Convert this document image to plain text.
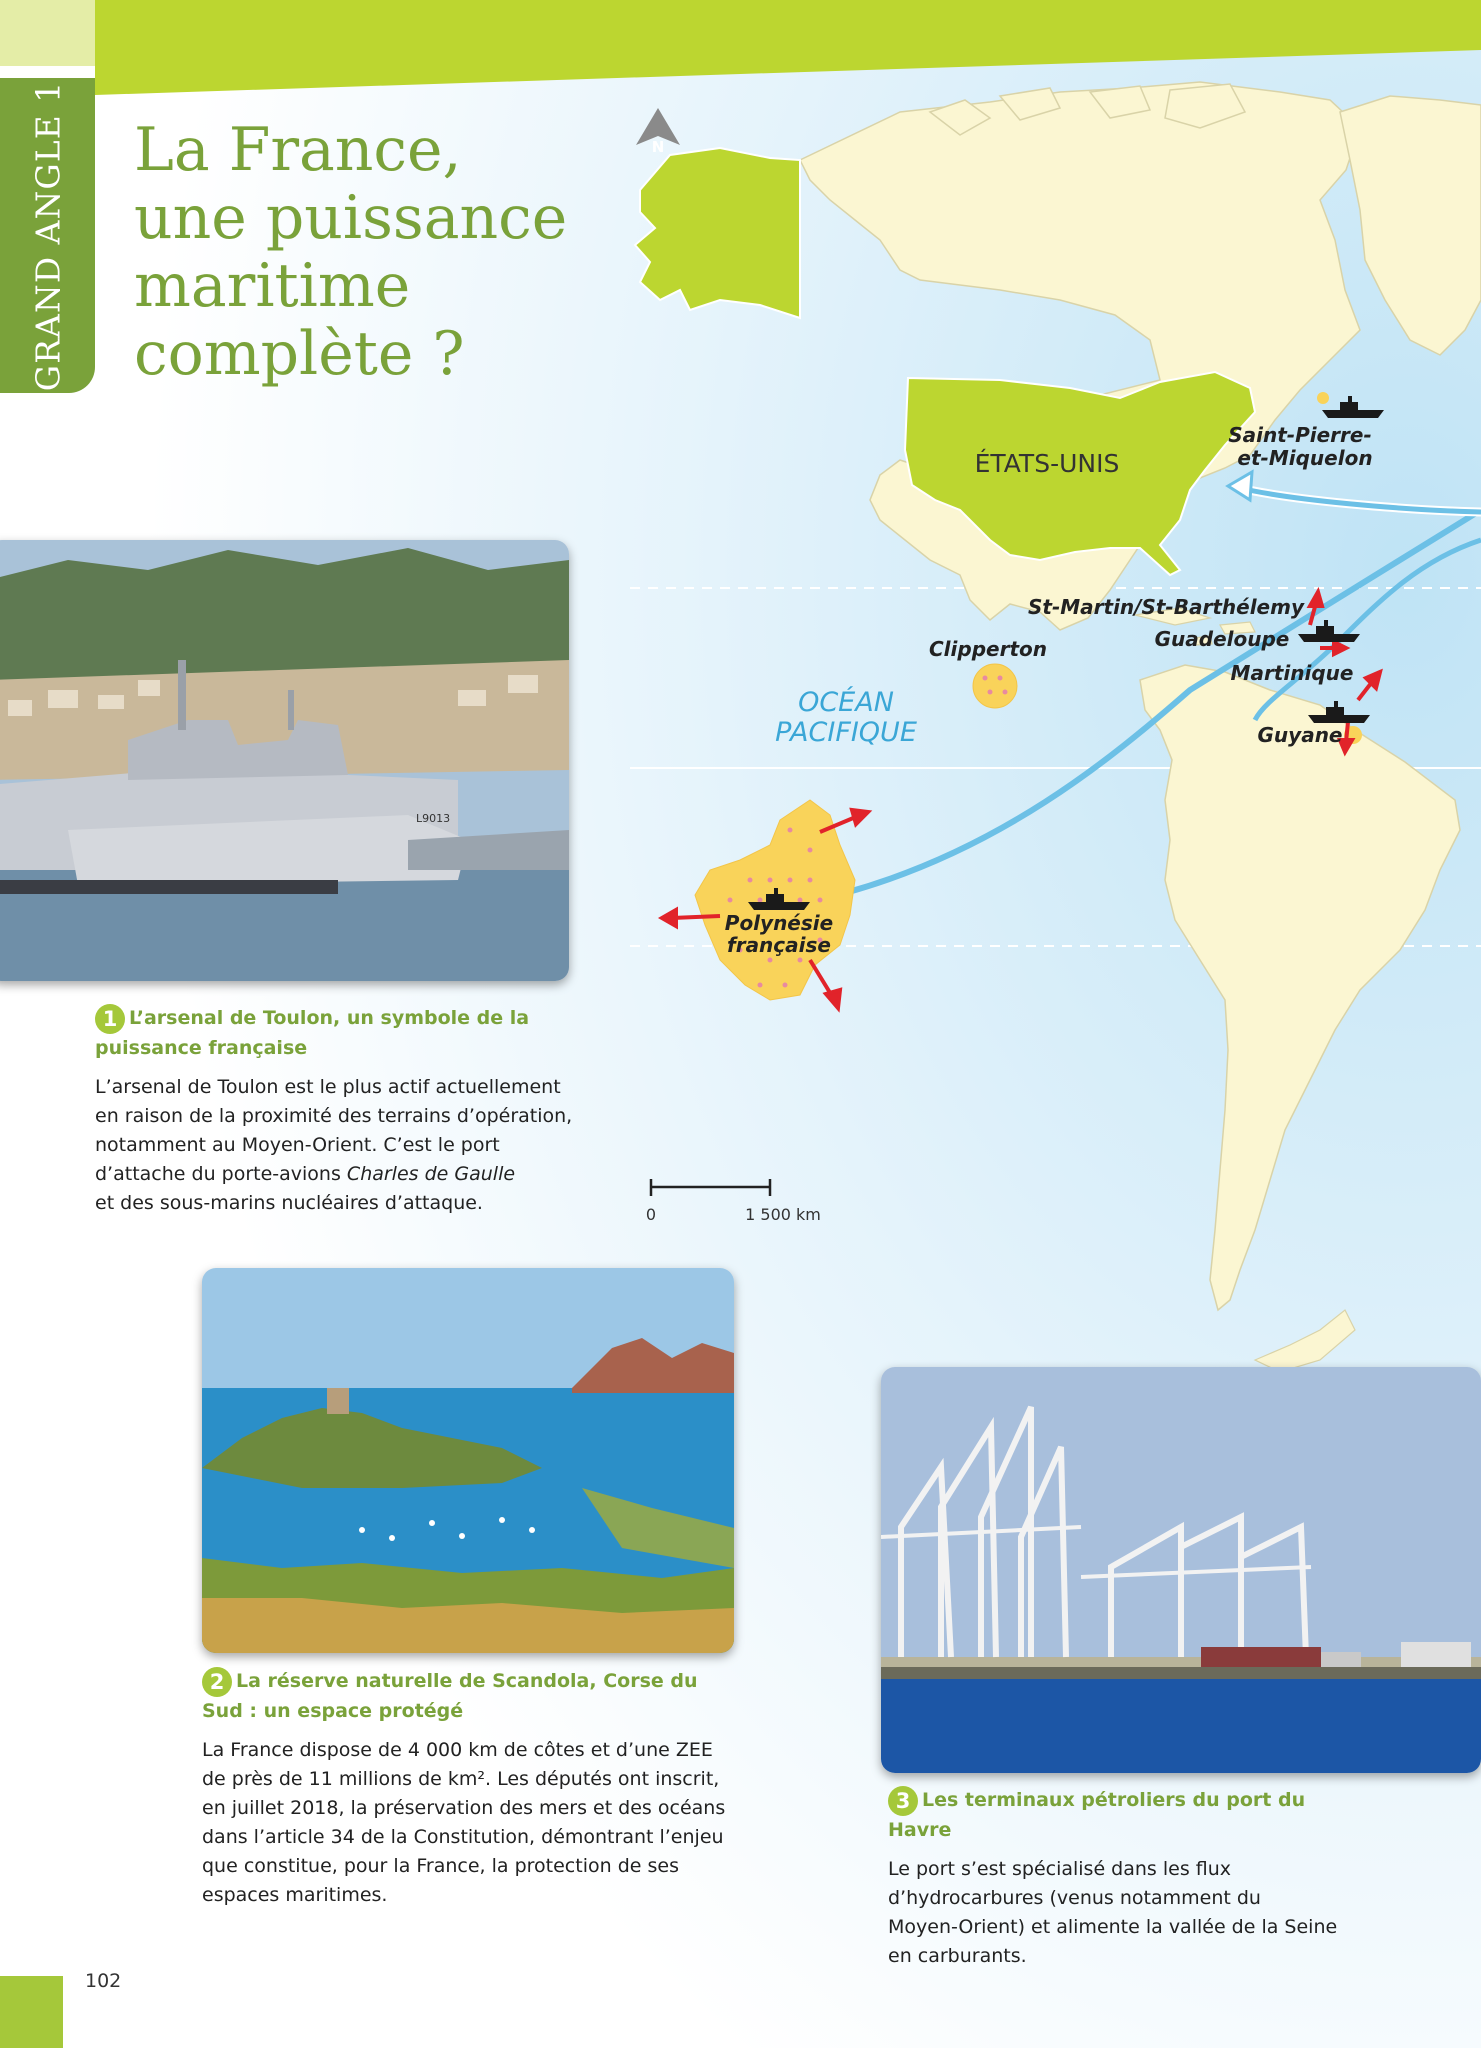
GRAND ANGLE 1 La France,
une puissance
maritime
complète ?
N
ÉTATS-UNIS
Saint-Pierre-
et-Miquelon
St-Martin/St-Barthélemy
Guadeloupe
Martinique
Guyane
Clipperton
OCÉAN
PACIFIQUE
Polynésie
française
0	1 500 km
L9013
1 L’arsenal de Toulon, un symbole de la puissance française

L’arsenal de Toulon est le plus actif actuellement
en raison de la proximité des terrains d’opération,
notamment au Moyen-Orient. C’est le port
d’attache du porte-avions Charles de Gaulle
et des sous-marins nucléaires d’attaque.

2 La réserve naturelle de Scandola, Corse du Sud : un espace protégé

La France dispose de 4 000 km de côtes et d’une ZEE
de près de 11 millions de km². Les députés ont inscrit,
en juillet 2018, la préservation des mers et des océans
dans l’article 34 de la Constitution, démontrant l’enjeu
que constitue, pour la France, la protection de ses
espaces maritimes.

3 Les terminaux pétroliers du port du Havre

Le port s’est spécialisé dans les flux
d’hydrocarbures (venus notamment du
Moyen-Orient) et alimente la vallée de la Seine
en carburants.

102
